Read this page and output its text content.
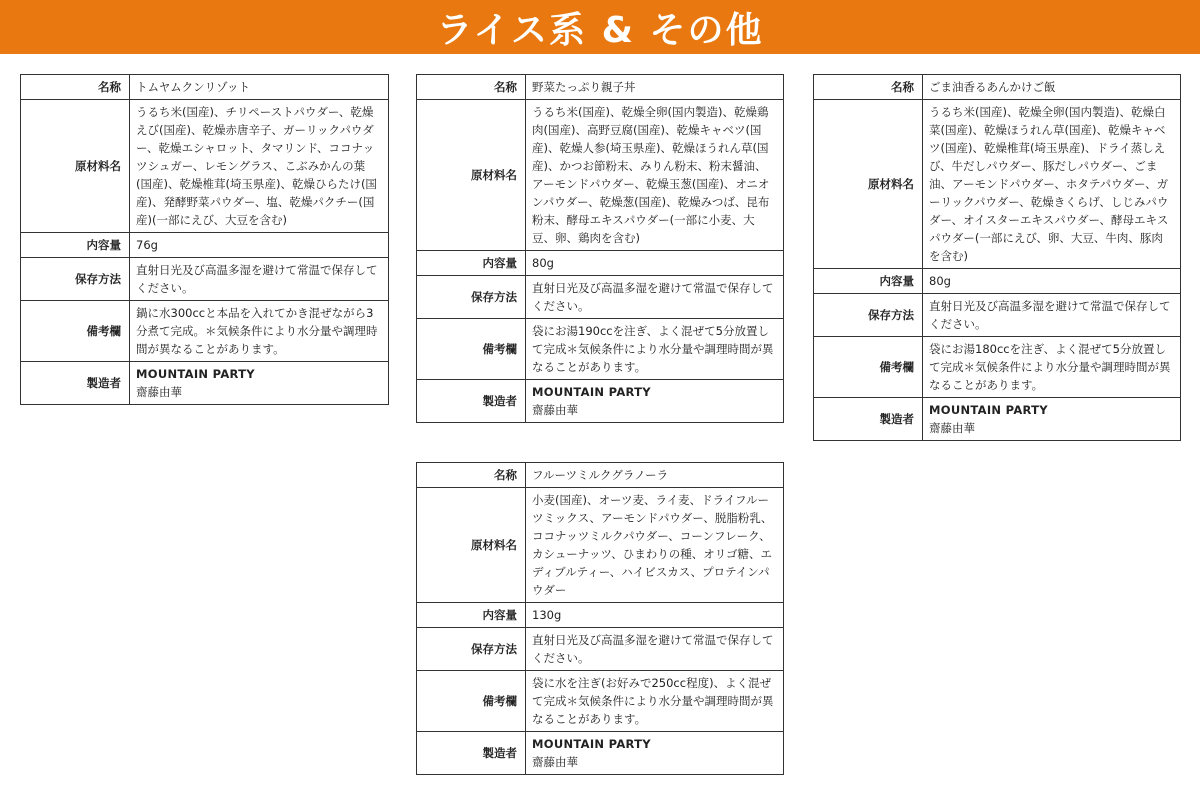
ライス系 & その他
名称	トムヤムクンリゾット
原材料名	うるち米(国産)、チリペーストパウダー、乾燥えび(国産)、乾燥赤唐辛子、ガーリックパウダー、乾燥エシャロット、タマリンド、ココナッツシュガー、レモングラス、こぶみかんの葉(国産)、乾燥椎茸(埼玉県産)、乾燥ひらたけ(国産)、発酵野菜パウダー、塩、乾燥パクチー(国産)(一部にえび、大豆を含む)
内容量	76g
保存方法	直射日光及び高温多湿を避けて常温で保存してください。
備考欄	鍋に水300ccと本品を入れてかき混ぜながら3分煮て完成。＊気候条件により水分量や調理時間が異なることがあります。
製造者	MOUNTAIN PARTY
齋藤由華
名称	野菜たっぷり親子丼
原材料名	うるち米(国産)、乾燥全卵(国内製造)、乾燥鶏肉(国産)、高野豆腐(国産)、乾燥キャベツ(国産)、乾燥人参(埼玉県産)、乾燥ほうれん草(国産)、かつお節粉末、みりん粉末、粉末醤油、アーモンドパウダー、乾燥玉葱(国産)、オニオンパウダー、乾燥葱(国産)、乾燥みつば、昆布粉末、酵母エキスパウダー(一部に小麦、大豆、卵、鶏肉を含む)
内容量	80g
保存方法	直射日光及び高温多湿を避けて常温で保存してください。
備考欄	袋にお湯190ccを注ぎ、よく混ぜて5分放置して完成＊気候条件により水分量や調理時間が異なることがあります。
製造者	MOUNTAIN PARTY
齋藤由華
名称	ごま油香るあんかけご飯
原材料名	うるち米(国産)、乾燥全卵(国内製造)、乾燥白菜(国産)、乾燥ほうれん草(国産)、乾燥キャベツ(国産)、乾燥椎茸(埼玉県産)、ドライ蒸しえび、牛だしパウダー、豚だしパウダー、ごま油、アーモンドパウダー、ホタテパウダー、ガーリックパウダー、乾燥きくらげ、しじみパウダー、オイスターエキスパウダー、酵母エキスパウダー(一部にえび、卵、大豆、牛肉、豚肉を含む)
内容量	80g
保存方法	直射日光及び高温多湿を避けて常温で保存してください。
備考欄	袋にお湯180ccを注ぎ、よく混ぜて5分放置して完成＊気候条件により水分量や調理時間が異なることがあります。
製造者	MOUNTAIN PARTY
齋藤由華
名称	フルーツミルクグラノーラ
原材料名	小麦(国産)、オーツ麦、ライ麦、ドライフルーツミックス、アーモンドパウダー、脱脂粉乳、ココナッツミルクパウダー、コーンフレーク、カシューナッツ、ひまわりの種、オリゴ糖、エディブルティー、ハイビスカス、プロテインパウダー
内容量	130g
保存方法	直射日光及び高温多湿を避けて常温で保存してください。
備考欄	袋に水を注ぎ(お好みで250cc程度)、よく混ぜて完成＊気候条件により水分量や調理時間が異なることがあります。
製造者	MOUNTAIN PARTY
齋藤由華
